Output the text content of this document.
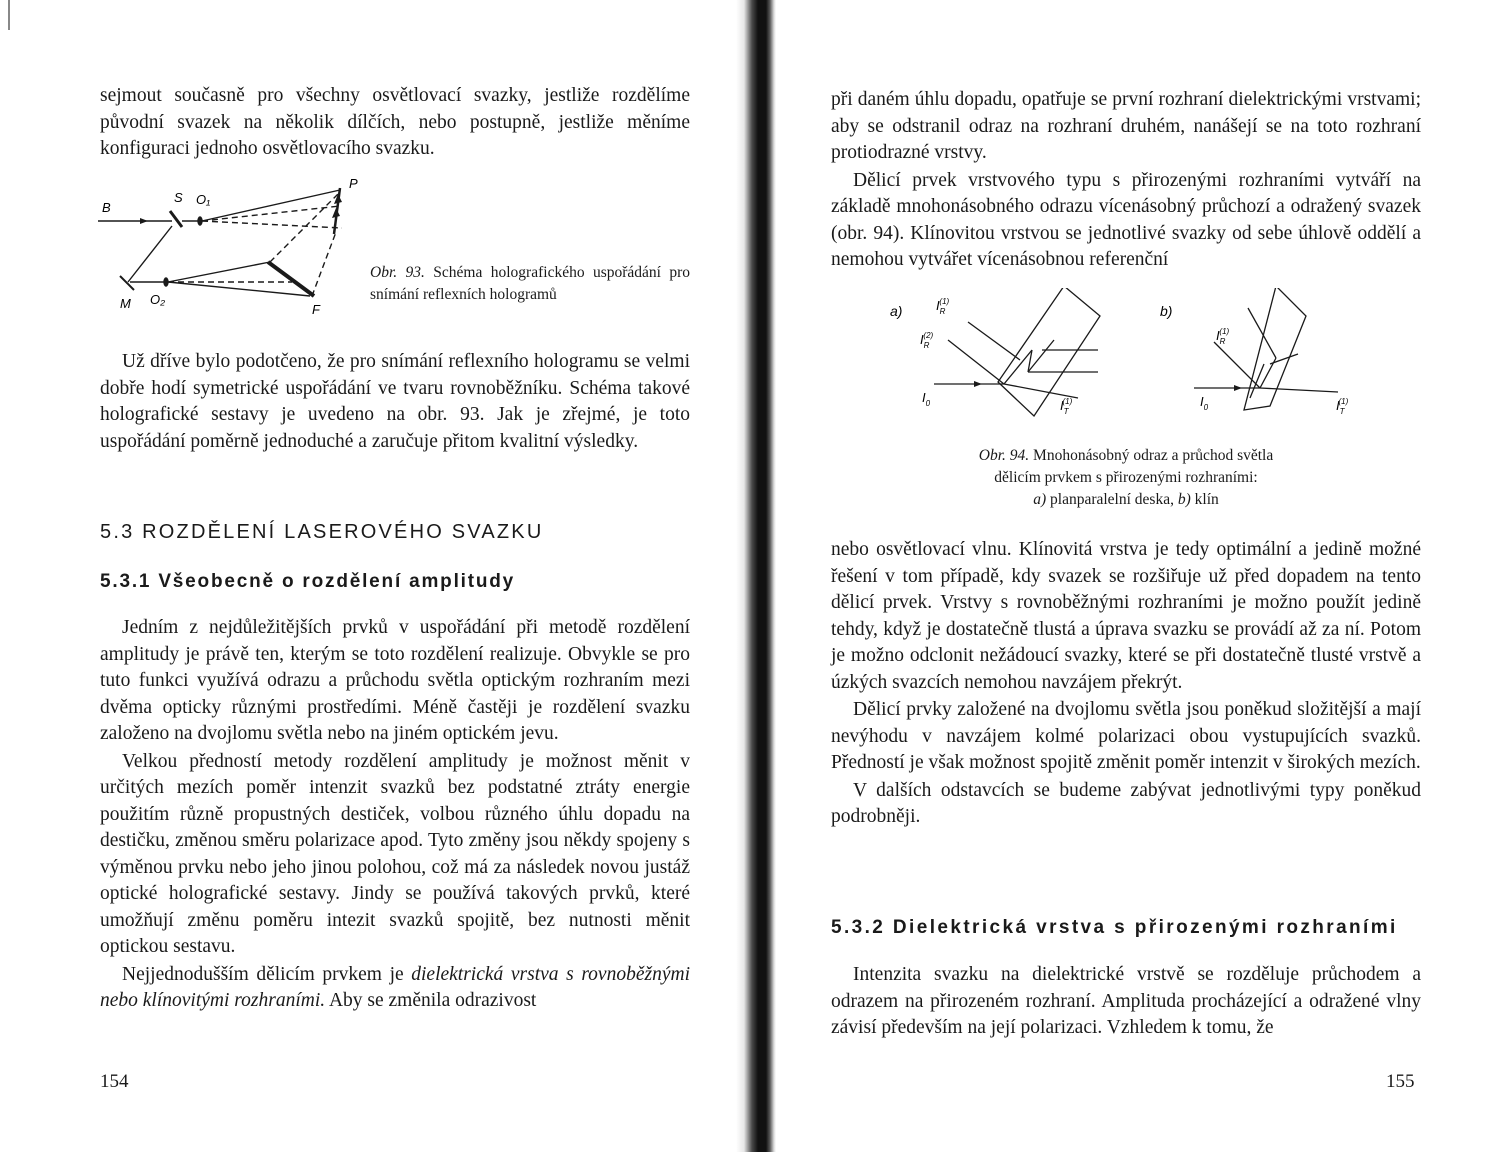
sejmout současně pro všechny osvětlovací svazky, jestliže rozdělíme původní svazek na několik dílčích, nebo postupně, jestliže měníme konfiguraci jednoho osvětlovacího svazku.

B
S O₁
P
M O₂
F
Obr. 93. Schéma holografického uspořádání pro snímání reflexních hologramů

Už dříve bylo podotčeno, že pro snímání reflexního hologramu se velmi dobře hodí symetrické uspořádání ve tvaru rovnoběžníku. Schéma takové holografické sestavy je uvedeno na obr. 93. Jak je zřejmé, je toto uspořádání poměrně jednoduché a zaručuje přitom kvalitní výsledky.

5.3 ROZDĚLENÍ LASEROVÉHO SVAZKU
5.3.1 Všeobecně o rozdělení amplitudy

Jedním z nejdůležitějších prvků v uspořádání při metodě rozdělení amplitudy je právě ten, kterým se toto rozdělení realizuje. Obvykle se pro tuto funkci využívá odrazu a průchodu světla optickým rozhraním mezi dvěma opticky různými prostředími. Méně častěji je rozdělení svazku založeno na dvojlomu světla nebo na jiném optickém jevu.

Velkou předností metody rozdělení amplitudy je možnost měnit v určitých mezích poměr intenzit svazků bez podstatné ztráty energie použitím různě propustných destiček, volbou různého úhlu dopadu na destičku, změnou směru polarizace apod. Tyto změny jsou někdy spojeny s výměnou prvku nebo jeho jinou polohou, což má za následek novou justáž optické holografické sestavy. Jindy se používá takových prvků, které umožňují změnu poměru intezit svazků spojitě, bez nutnosti měnit optickou sestavu.

Nejjednodušším dělicím prvkem je dielektrická vrstva s rovnoběžnými nebo klínovitými rozhraními. Aby se změnila odrazivost

154

při daném úhlu dopadu, opatřuje se první rozhraní dielektrickými vrstvami; aby se odstranil odraz na rozhraní druhém, nanášejí se na toto rozhraní protiodrazné vrstvy.

Dělicí prvek vrstvového typu s přirozenými rozhraními vytváří na základě mnohonásobného odrazu vícenásobný průchozí a odražený svazek (obr. 94). Klínovitou vrstvou se jednotlivé svazky od sebe úhlově oddělí a nemohou vytvářet vícenásobnou referenční

a)	$I_R(1)$
$I_R(2)$
$I_0$	$I_T(1)$
b)
$I_R(1)$
$I_0$	$I_T(1)$
Obr. 94. Mnohonásobný odraz a průchod světla
dělicím prvkem s přirozenými rozhraními:
a) planparalelní deska, b) klín

nebo osvětlovací vlnu. Klínovitá vrstva je tedy optimální a jedině možné řešení v tom případě, kdy svazek se rozšiřuje už před dopadem na tento dělicí prvek. Vrstvy s rovnoběžnými rozhraními je možno použít jedině tehdy, když je dostatečně tlustá a úprava svazku se provádí až za ní. Potom je možno odclonit nežádoucí svazky, které se při dostatečně tlusté vrstvě a úzkých svazcích nemohou navzájem překrýt.

Dělicí prvky založené na dvojlomu světla jsou poněkud složitější a mají nevýhodu v navzájem kolmé polarizaci obou vystupujících svazků. Předností je však možnost spojitě změnit poměr intenzit v širokých mezích.

V dalších odstavcích se budeme zabývat jednotlivými typy poněkud podrobněji.

5.3.2 Dielektrická vrstva s přirozenými rozhraními

Intenzita svazku na dielektrické vrstvě se rozděluje průchodem a odrazem na přirozeném rozhraní. Amplituda procházející a odražené vlny závisí především na její polarizaci. Vzhledem k tomu, že

155
